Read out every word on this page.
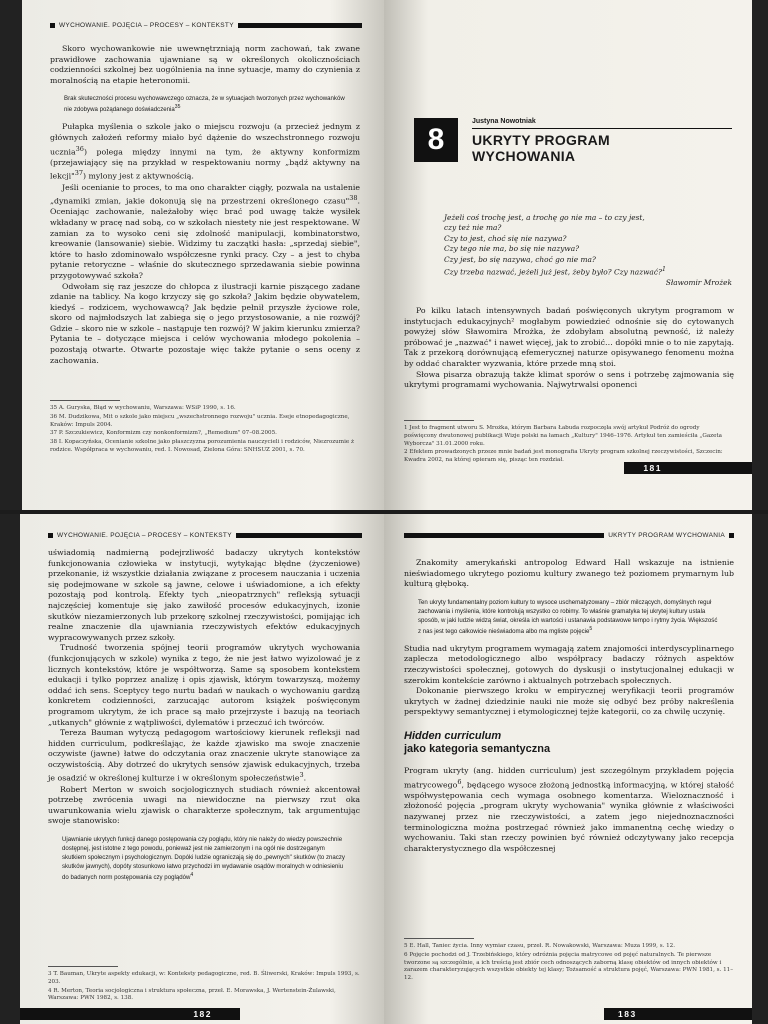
WYCHOWANIE. POJĘCIA – PROCESY – KONTEKSTY

Skoro wychowankowie nie uwewnętrzniają norm zachowań, tak zwane prawidłowe zachowania ujawniane są w określonych okolicznościach codzienności szkolnej bez uogólnienia na inne sytuacje, mamy do czynienia z moralnością na etapie heteronomii.

Brak skuteczności procesu wychowawczego oznacza, że w sytuacjach tworzonych przez wychowanków nie zdobywa pożądanego doświadczenia$^{35}$

Pułapka myślenia o szkole jako o miejscu rozwoju (a przecież jednym z głównych założeń reformy miało być dążenie do wszechstronnego rozwoju ucznia$^{36}$) polega między innymi na tym, że aktywny konformizm (przejawiający się na przykład w respektowaniu normy „bądź aktywny na lekcji"$^{37}$) mylony jest z aktywnością.

Jeśli ocenianie to proces, to ma ono charakter ciągły, pozwala na ustalenie „dynamiki zmian, jakie dokonują się na przestrzeni określonego czasu"$^{38}$. Oceniając zachowanie, należałoby więc brać pod uwagę także wysiłek wkładany w pracę nad sobą, co w szkołach niestety nie jest respektowane. W zamian za to wysoko ceni się zdolność manipulacji, kombinatorstwo, kreowanie (lansowanie) siebie. Widzimy tu zaczątki hasła: „sprzedaj siebie", które to hasło zdominowało współczesne rynki pracy. Czy – a jest to chyba pytanie retoryczne – właśnie do skutecznego sprzedawania siebie powinna przygotowywać szkoła?

Odwołam się raz jeszcze do chłopca z ilustracji karnie piszącego zadane zdanie na tablicy. Na kogo krzyczy się go szkoła? Jakim będzie obywatelem, kiedyś – rodzicem, wychowawcą? Jak będzie pełnił przyszłe życiowe role, skoro od najmłodszych lat zabiega się o jego przystosowanie, a nie rozwój? Gdzie – skoro nie w szkole – nastąpuje ten rozwój? W jakim kierunku zmierza? Pytania te – dotyczące miejsca i celów wychowania młodego pokolenia – pozostają otwarte. Otwarte pozostaje więc także pytanie o sens oceny z zachowania.

35 A. Guryska, Błąd w wychowaniu, Warszawa: WSiP 1990, s. 16.
36 M. Dudzikowa, Mit o szkole jako miejscu „wszechstronnego rozwoju" ucznia. Eseje etnopedagogiczne, Kraków: Impuls 2004.
37 P. Szczukiewicz, Konformizm czy nonkonformizm?, „Remedium" 07–08.2005.
38 I. Kopaczyńska, Ocenianie szkolne jako płaszczyzna porozumienia nauczycieli i rodziców, Niezrozumie ż rodzice. Współpraca w wychowaniu, red. I. Nowosad, Zielona Góra: SNHSUZ 2001, s. 70.
8
Justyna Nowotniak
UKRYTY PROGRAM
WYCHOWANIA
Jeżeli coś trochę jest, a trochę go nie ma – to czy jest,
czy też nie ma?
Czy to jest, choć się nie nazywa?
Czy tego nie ma, bo się nie nazywa?
Czy jest, bo się nazywa, choć go nie ma?
Czy trzeba nazwać, jeżeli już jest, żeby było? Czy nazwać?$^1$
Sławomir Mrożek

Po kilku latach intensywnych badań poświęconych ukrytym programom w instytucjach edukacyjnych² mogłabym powiedzieć odnośnie się do cytowanych powyżej słów Sławomira Mrożka, że zdobyłam absolutną pewność, iż należy próbować je „nazwać" i nawet więcej, jak to zrobić… dopóki mnie o to nie zapytają. Tak z przekorą dorównującą efemerycznej naturze opisywanego fenomenu można by oddać charakter wyzwania, które przede mną stoi.

Słowa pisarza obrazują także klimat sporów o sens i potrzebę zajmowania się ukrytymi programami wychowania. Najwytrwalsi oponenci

1 Jest to fragment utworu S. Mrożka, którym Barbara Łabuda rozpoczęła swój artykuł Podróż do ogrody poświęcony dwutonowej publikacji Wizje polski na łamach „Kultury" 1946–1976. Artykuł ten zamieściła „Gazeta Wyborcza" 31.01.2000 roku.
2 Efektem prowadzonych przeze mnie badań jest monografia Ukryty program szkolnej rzeczywistości, Szczecin: Kwadra 2002, na której opieram się, pisząc ten rozdział.
181
WYCHOWANIE. POJĘCIA – PROCESY – KONTEKSTY

uświadomią nadmierną podejrzliwość badaczy ukrytych kontekstów funkcjonowania człowieka w instytucji, wytykając błędne (życzeniowe) przekonanie, iż wszystkie działania związane z procesem nauczania i uczenia się podejmowane w szkole są jawne, celowe i uświadomione, a ich efekty pozostają pod kontrolą. Efekty tych „nieopatrznych" refleksją sytuacji najczęściej komentuje się jako zawiłość procesów edukacyjnych, izonie skutków niezamierzonych lub przekorę szkolnej rzeczywistości, pomijając ich realne znaczenie dla ujawniania rzeczywistych efektów edukacyjnych wypracowywanych przez szkoły.

Trudność tworzenia spójnej teorii programów ukrytych wychowania (funkcjonujących w szkole) wynika z tego, że nie jest łatwo wyizolować je z licznych kontekstów, które je współtworzą. Same są sposobem kontekstem edukacji i tylko poprzez analizę i opis zjawisk, którym towarzyszą, możemy oddać ich sens. Sceptycy tego nurtu badań w naukach o wychowaniu gardzą konkretem codzienności, zarzucając autorom książek poświęconym programom ukrytym, że ich prace są mało przejrzyste i bazują na teoriach „utkanych" głównie z wątpliwości, dylematów i przeczuć ich twórców.

Tereza Bauman wytyczą pedagogom wartościowy kierunek refleksji nad hidden curriculum, podkreślając, że każde zjawisko ma swoje znaczenie oczywiste (jawne) łatwe do odczytania oraz znaczenie ukryte stanowiące za oczywistością. Aby dotrzeć do ukrytych sensów zjawisk edukacyjnych, trzeba je osadzić w określonej kulturze i w określonym społeczeństwie$^3$.

Robert Merton w swoich socjologicznych studiach również akcentował potrzebę zwrócenia uwagi na niewidoczne na pierwszy rzut oka uwarunkowania wielu zjawisk o charakterze społecznym, tak argumentując swoje stanowisko:

Ujawnianie ukrytych funkcji danego postępowania czy poglądu, który nie należy do wiedzy powszechnie dostępnej, jest istotne z tego powodu, ponieważ jest nie zamierzonym i na ogół nie dostrzeganym skutkiem społecznym i psychologicznym. Dopóki ludzie ograniczają się do „pewnych" skutków (to znaczy skutków jawnych), dopóty stosunkowo łatwo przychodzi im wydawanie osądów moralnych w odniesieniu do badanych norm postępowania czy poglądów$^4$
3 T. Bauman, Ukryte aspekty edukacji, w: Konteksty pedagogiczne, red. B. Śliwerski, Kraków: Impuls 1993, s. 203.
4 R. Merton, Teoria socjologiczna i struktura społeczna, przeł. E. Morawska, J. Wertenstein-Żulawski, Warszawa: PWN 1982, s. 138.
182
UKRYTY PROGRAM WYCHOWANIA

Znakomity amerykański antropolog Edward Hall wskazuje na istnienie nieświadomego ukrytego poziomu kultury zwanego też poziomem prymarnym lub kulturą głęboką.

Ten ukryty fundamentalny poziom kultury to wysoce uschematyzowany – zbiór milczących, domyślnych reguł zachowania i myślenia, które kontrolują wszystko co robimy. To właśnie gramatyka tej ukrytej kultury ustala sposób, w jaki ludzie widzą świat, określa ich wartości i ustanawia podstawowe tempo i rytmy życia. Większość z nas jest tego całkowicie nieświadoma albo ma mgliste pojęcie$^5$

Studia nad ukrytym programem wymagają zatem znajomości interdyscyplinarnego zaplecza metodologicznego albo współpracy badaczy różnych aspektów rzeczywistości społecznej, gotowych do dyskusji o instytucjonalnej edukacji w szerokim kontekście zarówno i aktualnych potrzebach społecznych.

Dokonanie pierwszego kroku w empirycznej weryfikacji teorii programów ukrytych w żadnej dziedzinie nauki nie może się odbyć bez próby nakreślenia perspektywy semantycznej i etymologicznej tejże kategorii, co za chwilę uczynię.

Hidden curriculum
jako kategoria semantyczna

Program ukryty (ang. hidden curriculum) jest szczególnym przykładem pojęcia matrycowego$^6$, będącego wysoce złożoną jednostką informacyjną, w której stałość współwystępowania cech wymaga osobnego komentarza. Wieloznaczność i złożoność pojęcia „program ukryty wychowania" wynika głównie z właściwości nazywanej przez nie rzeczywistości, a zatem jego niejednoznaczności terminologiczna można postrzegać również jako immanentną cechę wiedzy o wychowaniu. Taki stan rzeczy powinien być również odczytywany jako recepcja charakterystycznego dla współczesnej

5 E. Hall, Taniec życia. Inny wymiar czasu, przeł. R. Nowakowski, Warszawa: Muza 1999, s. 12.
6 Pojęcie pochodzi od J. Trzebińskiego, który odróżnia pojęcia matrycowe od pojęć naturalnych. Te pierwsze tworzone są szczególnie, a ich treścią jest zbiór cech odnoszących zaborną klasę obiektów od innych obiektów i zarazem charakteryzujących wszystkie obiekty tej klasy; Tożsamość a struktura pojęć, Warszawa: PWN 1981, s. 11–12.
183
